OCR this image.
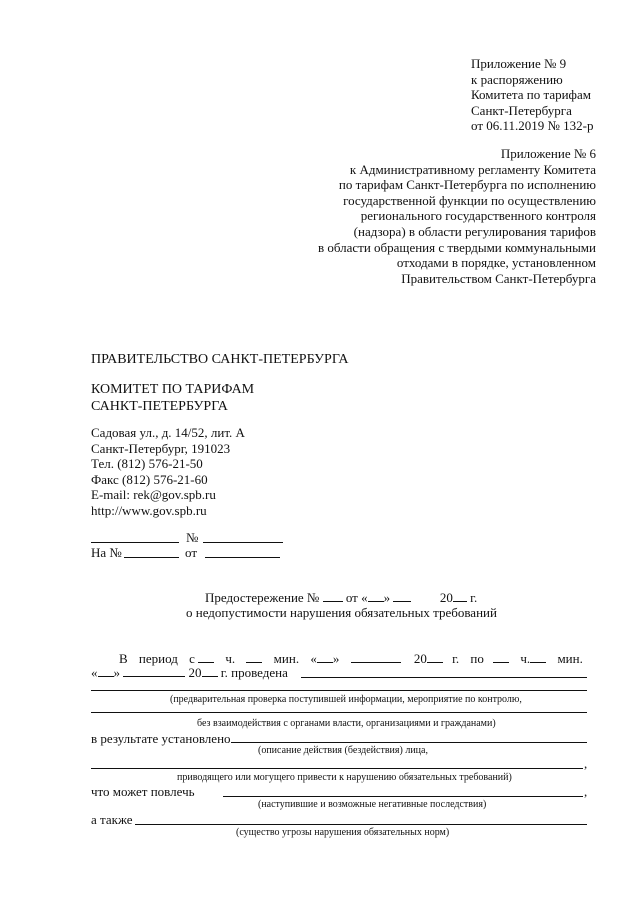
Приложение № 9
к распоряжению
Комитета по тарифам
Санкт-Петербурга
от 06.11.2019 № 132-р
Приложение № 6
к Административному регламенту Комитета
по тарифам Санкт-Петербурга по исполнению
государственной функции по осуществлению
регионального государственного контроля
(надзора) в области регулирования тарифов
в области обращения с твердыми коммунальными
отходами в порядке, установленном
Правительством Санкт-Петербурга
ПРАВИТЕЛЬСТВО САНКТ-ПЕТЕРБУРГА
КОМИТЕТ ПО ТАРИФАМ
САНКТ-ПЕТЕРБУРГА
Садовая ул., д. 14/52, лит. А
Санкт-Петербург, 191023
Тел. (812) 576-21-50
Факс (812) 576-21-60
E-mail: rek@gov.spb.ru
http://www.gov.spb.ru
№
На №	от
Предостережение № от « »	20 г.
о недопустимости нарушения обязательных требований
В период с ч.	мин. « »	20 г. по	ч. мин.
« »	20 г. проведена
(предварительная проверка поступившей информации, мероприятие по контролю,
без взаимодействия с органами власти, организациями и гражданами)
в результате установлено
(описание действия (бездействия) лица,
,
приводящего или могущего привести к нарушению обязательных требований)
что может повлечь	,
(наступившие и возможные негативные последствия)
а также
(существо угрозы нарушения обязательных норм)
